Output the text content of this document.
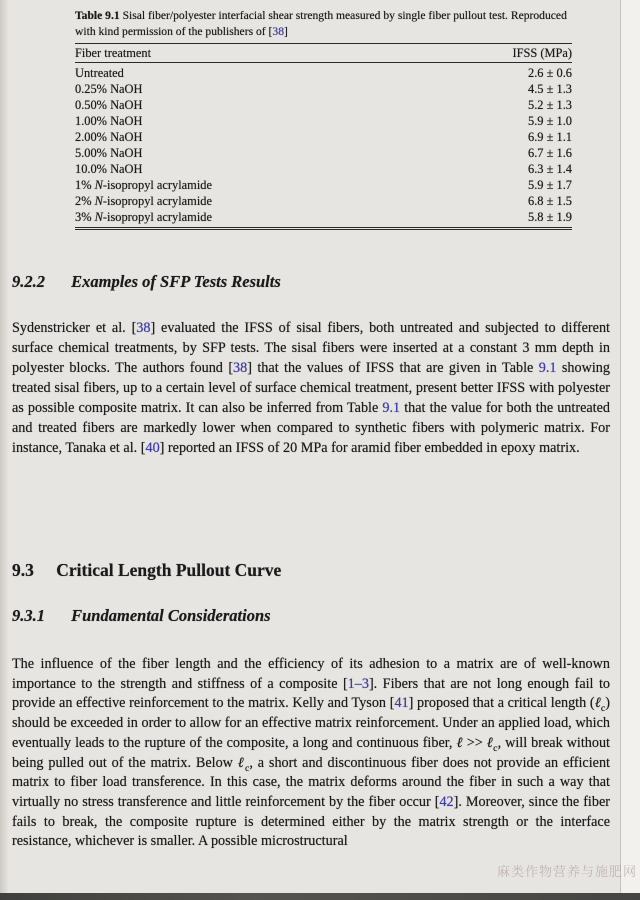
Table 9.1 Sisal fiber/polyester interfacial shear strength measured by single fiber pullout test. Reproduced with kind permission of the publishers of [38]
Fiber treatment	IFSS (MPa)
Untreated	2.6 ± 0.6
0.25% NaOH	4.5 ± 1.3
0.50% NaOH	5.2 ± 1.3
1.00% NaOH	5.9 ± 1.0
2.00% NaOH	6.9 ± 1.1
5.00% NaOH	6.7 ± 1.6
10.0% NaOH	6.3 ± 1.4
1% N-isopropyl acrylamide	5.9 ± 1.7
2% N-isopropyl acrylamide	6.8 ± 1.5
3% N-isopropyl acrylamide	5.8 ± 1.9
9.2.2 Examples of SFP Tests Results

Sydenstricker et al. [38] evaluated the IFSS of sisal fibers, both untreated and subjected to different surface chemical treatments, by SFP tests. The sisal fibers were inserted at a constant 3 mm depth in polyester blocks. The authors found [38] that the values of IFSS that are given in Table 9.1 showing treated sisal fibers, up to a certain level of surface chemical treatment, present better IFSS with polyester as possible composite matrix. It can also be inferred from Table 9.1 that the value for both the untreated and treated fibers are markedly lower when compared to synthetic fibers with polymeric matrix. For instance, Tanaka et al. [40] reported an IFSS of 20 MPa for aramid fiber embedded in epoxy matrix.

9.3 Critical Length Pullout Curve
9.3.1 Fundamental Considerations

The influence of the fiber length and the efficiency of its adhesion to a matrix are of well-known importance to the strength and stiffness of a composite [1–3]. Fibers that are not long enough fail to provide an effective reinforcement to the matrix. Kelly and Tyson [41] proposed that a critical length (ℓ$_c$) should be exceeded in order to allow for an effective matrix reinforcement. Under an applied load, which eventually leads to the rupture of the composite, a long and continuous fiber, ℓ >> ℓ$_c$, will break without being pulled out of the matrix. Below ℓ$_c$, a short and discontinuous fiber does not provide an efficient matrix to fiber load transference. In this case, the matrix deforms around the fiber in such a way that virtually no stress transference and little reinforcement by the fiber occur [42]. Moreover, since the fiber fails to break, the composite rupture is determined either by the matrix strength or the interface resistance, whichever is smaller. A possible microstructural

麻类作物营养与施肥网
